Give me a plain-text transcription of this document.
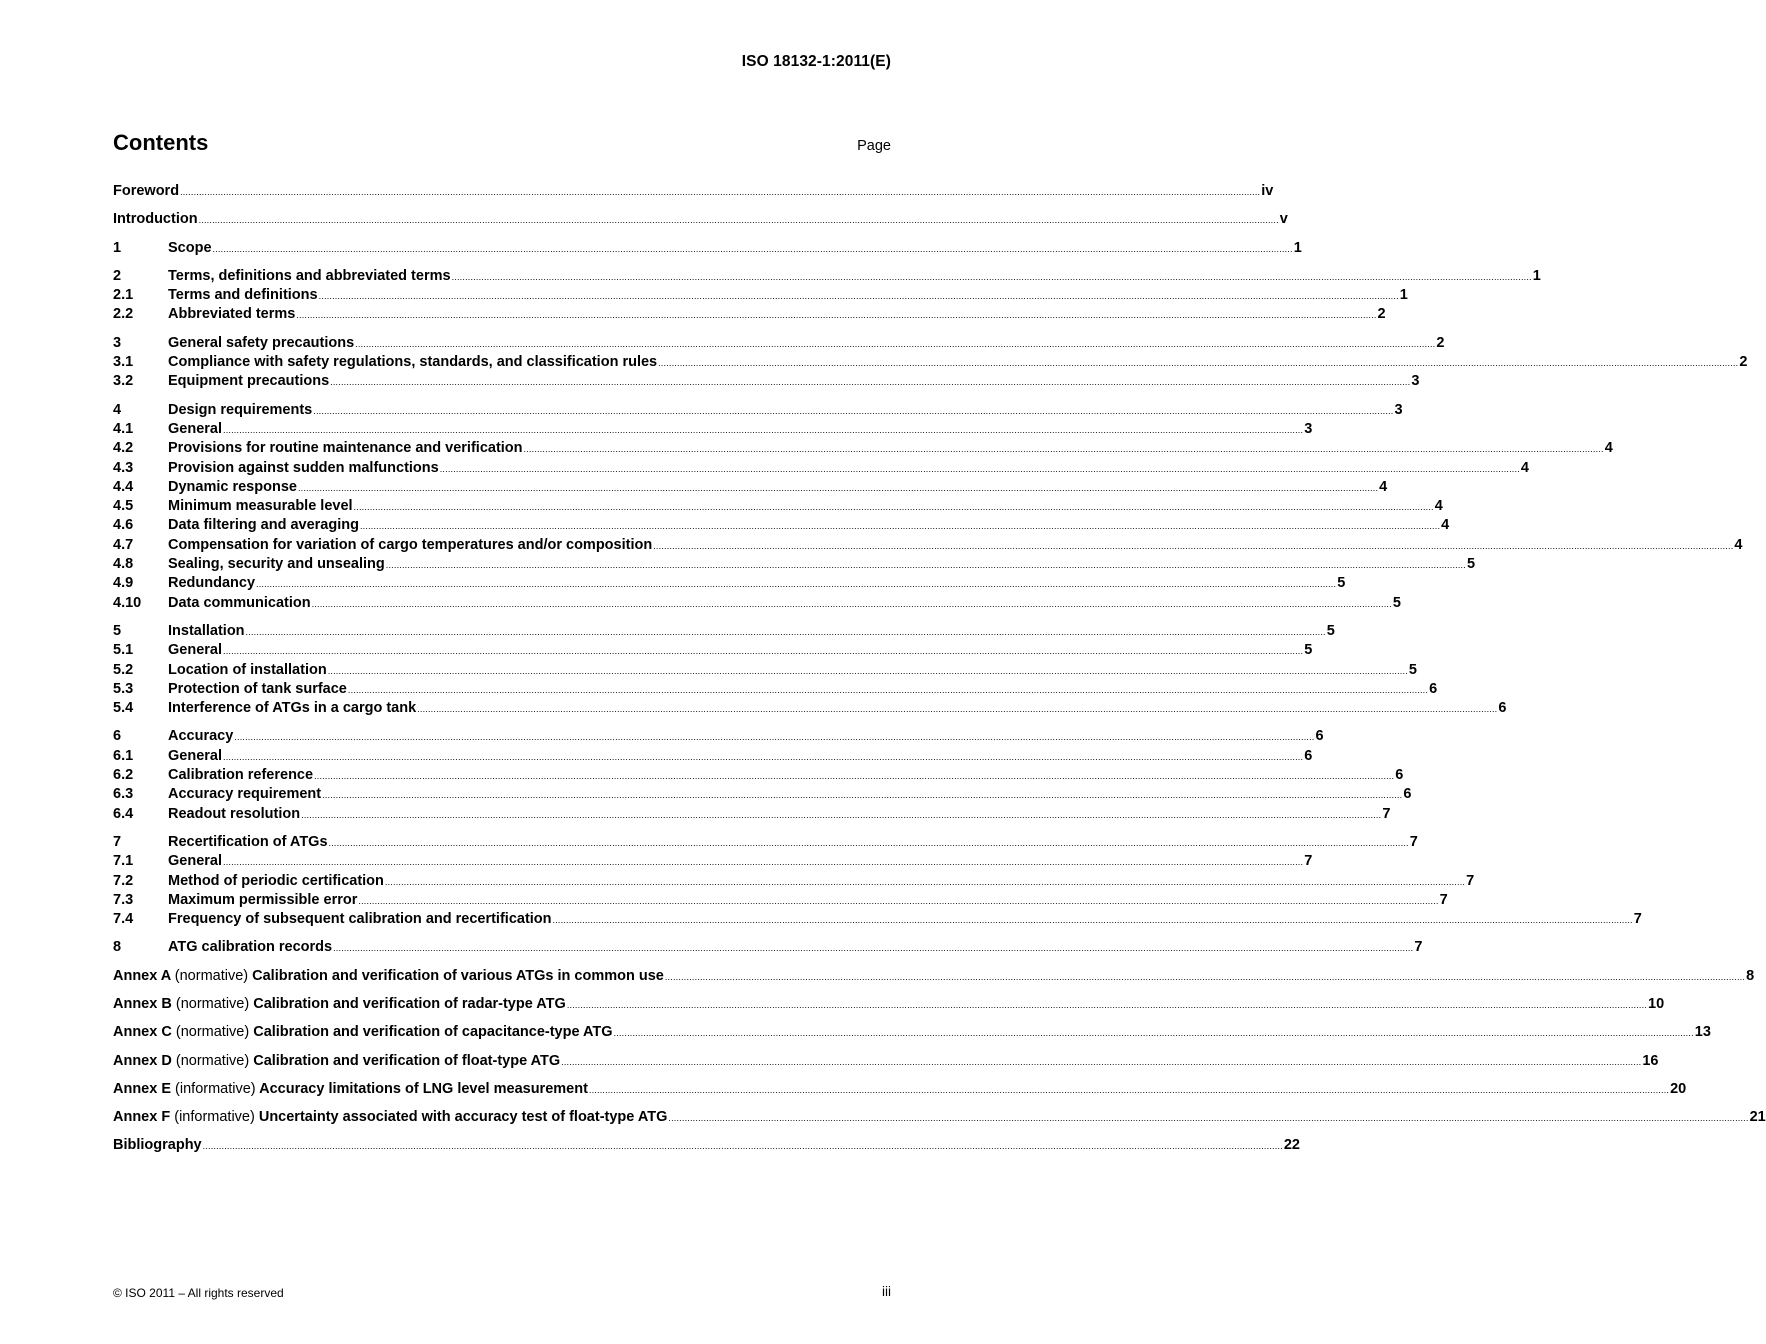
ISO 18132-1:2011(E)
Contents	Page
Foreword ................................................................................................................................................................................................................................................................................................................................................................................................................ iv
Introduction ................................................................................................................................................................................................................................................................................................................................................................................................................ v
1	Scope ................................................................................................................................................................................................................................................................................................................................................................................................................ 1
2	Terms, definitions and abbreviated terms ................................................................................................................................................................................................................................................................................................................................................................................................................ 1
2.1	Terms and definitions ................................................................................................................................................................................................................................................................................................................................................................................................................ 1
2.2	Abbreviated terms ................................................................................................................................................................................................................................................................................................................................................................................................................ 2
3	General safety precautions ................................................................................................................................................................................................................................................................................................................................................................................................................ 2
3.1	Compliance with safety regulations, standards, and classification rules ................................................................................................................................................................................................................................................................................................................................................................................................................ 2
3.2	Equipment precautions ................................................................................................................................................................................................................................................................................................................................................................................................................ 3
4	Design requirements ................................................................................................................................................................................................................................................................................................................................................................................................................ 3
4.1	General ................................................................................................................................................................................................................................................................................................................................................................................................................ 3
4.2	Provisions for routine maintenance and verification ................................................................................................................................................................................................................................................................................................................................................................................................................ 4
4.3	Provision against sudden malfunctions ................................................................................................................................................................................................................................................................................................................................................................................................................ 4
4.4	Dynamic response ................................................................................................................................................................................................................................................................................................................................................................................................................ 4
4.5	Minimum measurable level ................................................................................................................................................................................................................................................................................................................................................................................................................ 4
4.6	Data filtering and averaging ................................................................................................................................................................................................................................................................................................................................................................................................................ 4
4.7	Compensation for variation of cargo temperatures and/or composition ................................................................................................................................................................................................................................................................................................................................................................................................................ 4
4.8	Sealing, security and unsealing ................................................................................................................................................................................................................................................................................................................................................................................................................ 5
4.9	Redundancy ................................................................................................................................................................................................................................................................................................................................................................................................................ 5
4.10	Data communication ................................................................................................................................................................................................................................................................................................................................................................................................................ 5
5	Installation ................................................................................................................................................................................................................................................................................................................................................................................................................ 5
5.1	General ................................................................................................................................................................................................................................................................................................................................................................................................................ 5
5.2	Location of installation ................................................................................................................................................................................................................................................................................................................................................................................................................ 5
5.3	Protection of tank surface ................................................................................................................................................................................................................................................................................................................................................................................................................ 6
5.4	Interference of ATGs in a cargo tank ................................................................................................................................................................................................................................................................................................................................................................................................................ 6
6	Accuracy ................................................................................................................................................................................................................................................................................................................................................................................................................ 6
6.1	General ................................................................................................................................................................................................................................................................................................................................................................................................................ 6
6.2	Calibration reference ................................................................................................................................................................................................................................................................................................................................................................................................................ 6
6.3	Accuracy requirement ................................................................................................................................................................................................................................................................................................................................................................................................................ 6
6.4	Readout resolution ................................................................................................................................................................................................................................................................................................................................................................................................................ 7
7	Recertification of ATGs ................................................................................................................................................................................................................................................................................................................................................................................................................ 7
7.1	General ................................................................................................................................................................................................................................................................................................................................................................................................................ 7
7.2	Method of periodic certification ................................................................................................................................................................................................................................................................................................................................................................................................................ 7
7.3	Maximum permissible error ................................................................................................................................................................................................................................................................................................................................................................................................................ 7
7.4	Frequency of subsequent calibration and recertification ................................................................................................................................................................................................................................................................................................................................................................................................................ 7
8	ATG calibration records ................................................................................................................................................................................................................................................................................................................................................................................................................ 7
Annex A (normative) Calibration and verification of various ATGs in common use ................................................................................................................................................................................................................................................................................................................................................................................................................ 8
Annex B (normative) Calibration and verification of radar-type ATG ................................................................................................................................................................................................................................................................................................................................................................................................................ 10
Annex C (normative) Calibration and verification of capacitance-type ATG ................................................................................................................................................................................................................................................................................................................................................................................................................ 13
Annex D (normative) Calibration and verification of float-type ATG ................................................................................................................................................................................................................................................................................................................................................................................................................ 16
Annex E (informative) Accuracy limitations of LNG level measurement ................................................................................................................................................................................................................................................................................................................................................................................................................ 20
Annex F (informative) Uncertainty associated with accuracy test of float-type ATG ................................................................................................................................................................................................................................................................................................................................................................................................................ 21
Bibliography ................................................................................................................................................................................................................................................................................................................................................................................................................ 22
© ISO 2011 – All rights reserved	iii
